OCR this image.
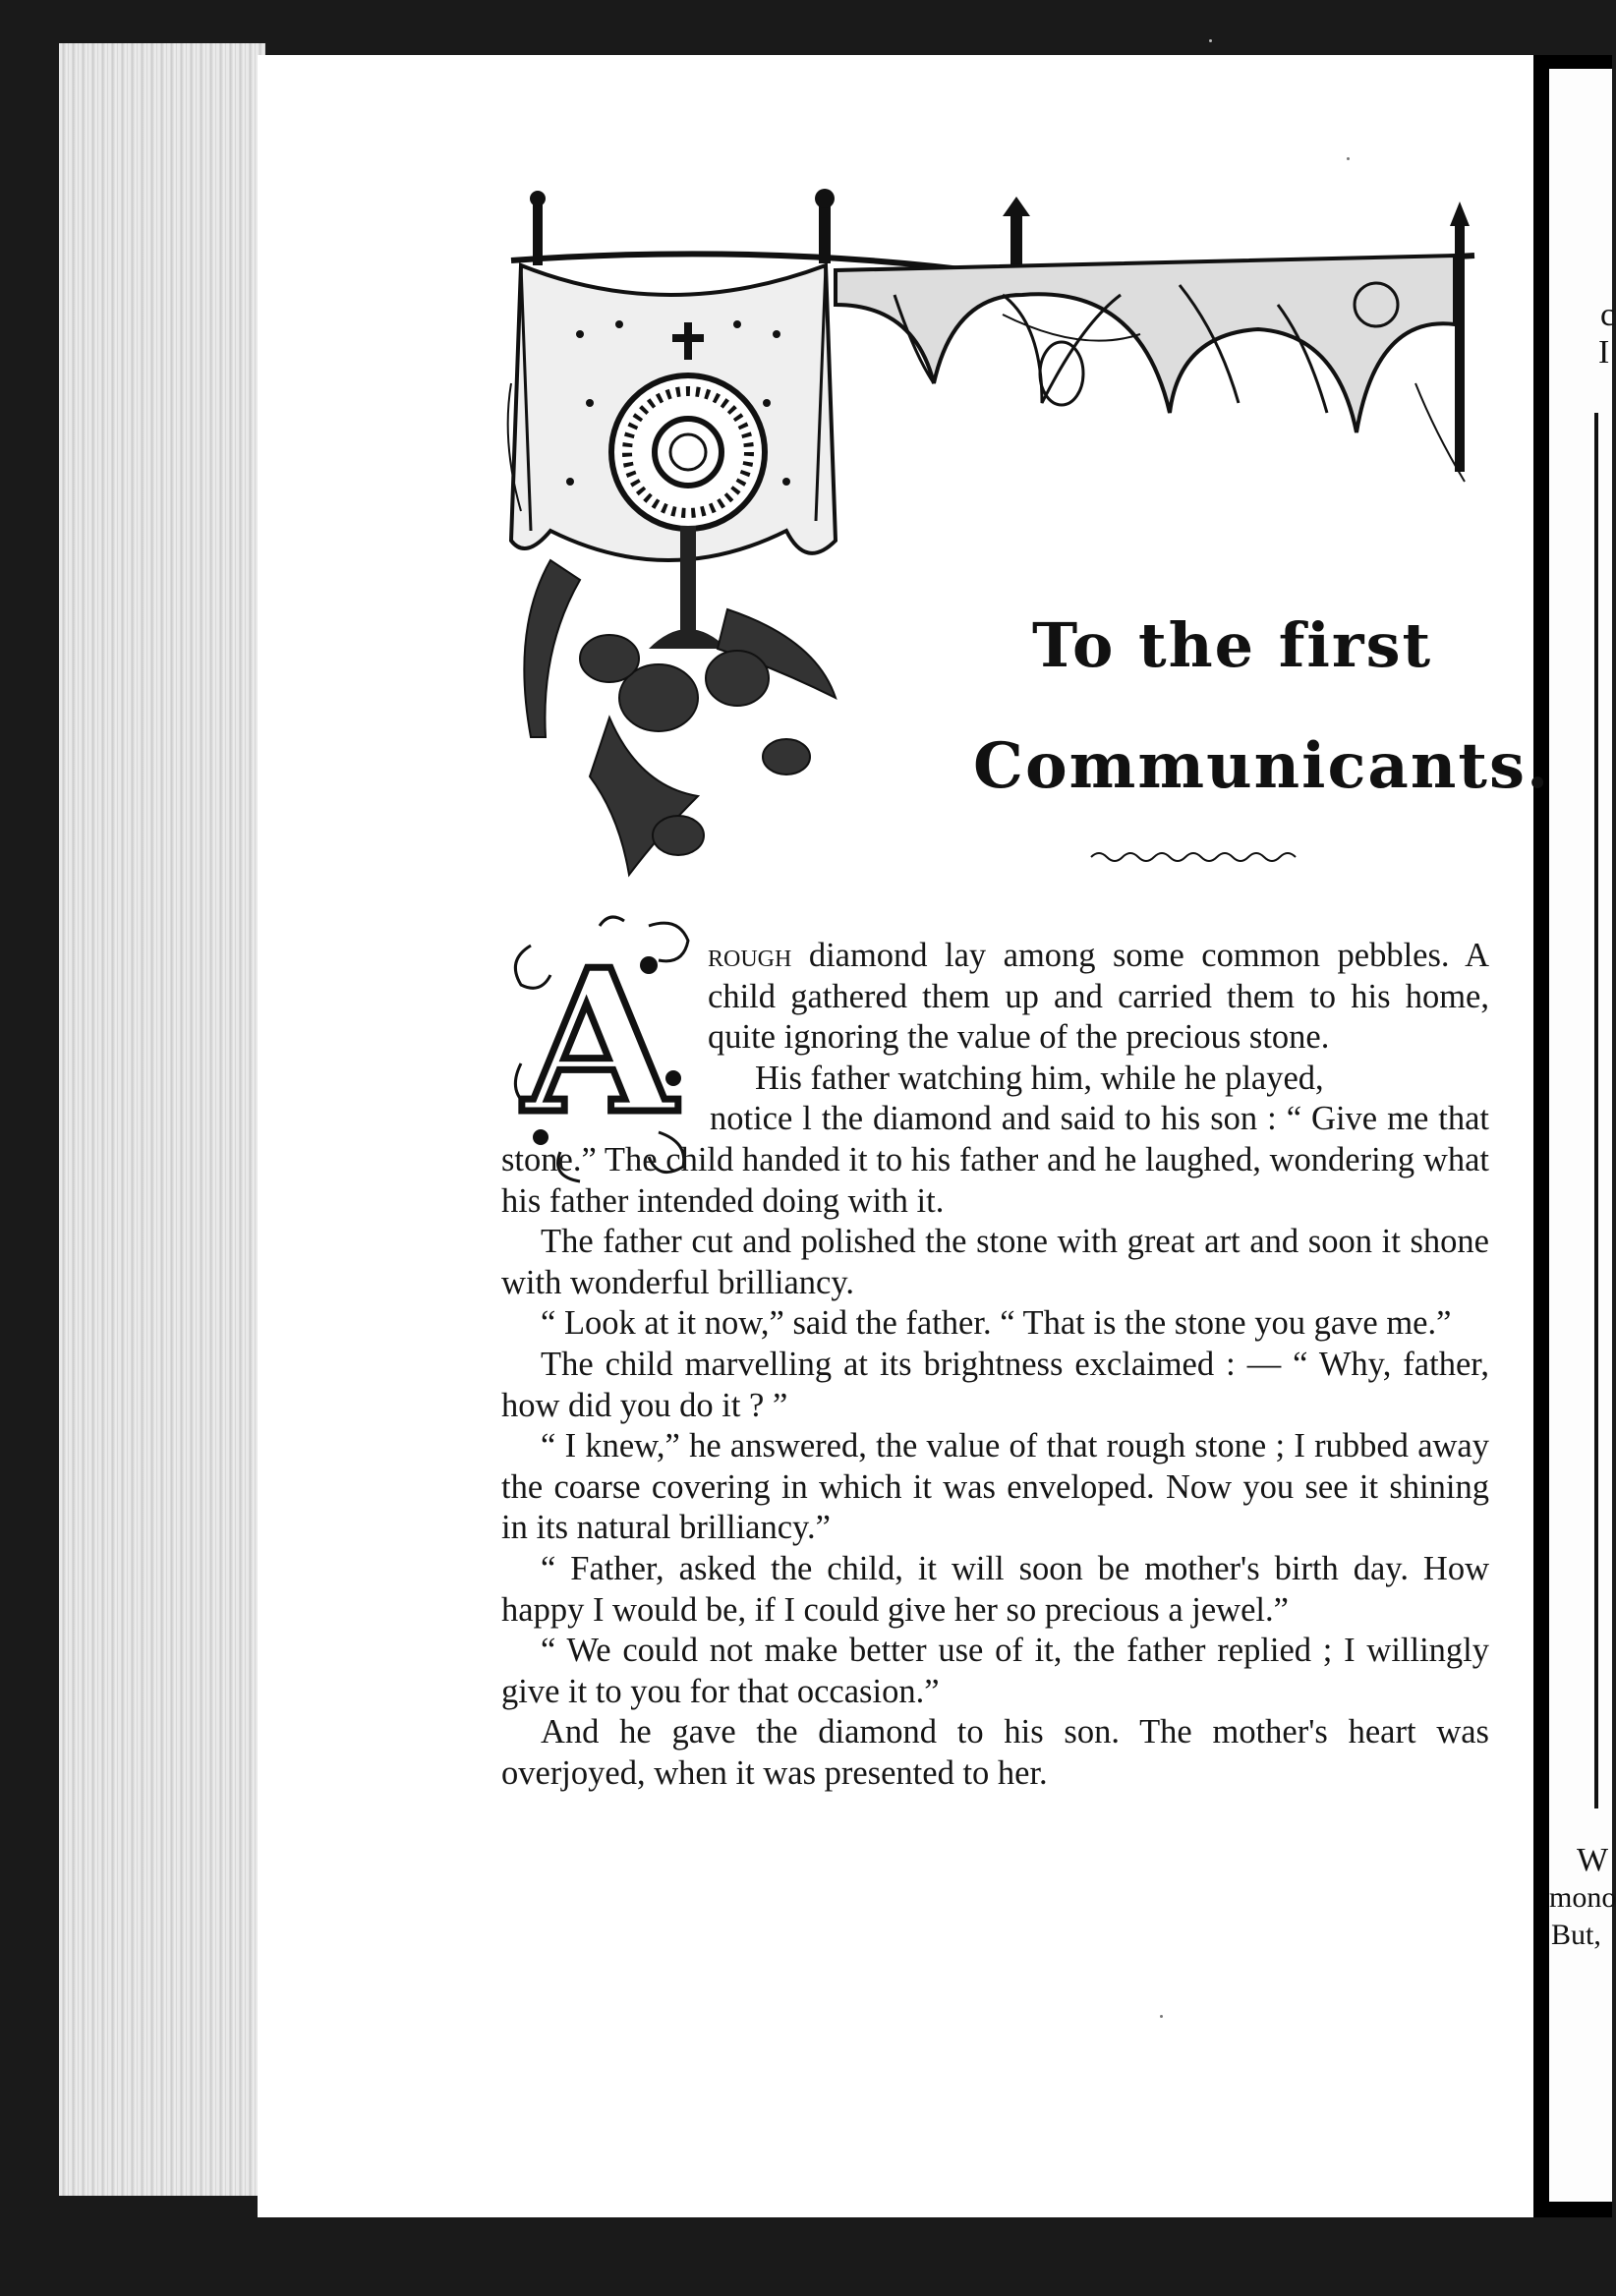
c
I
W
mono
But,
To the first
Communicants.
A rough diamond lay among some common pebbles. A child gathered them up and carried them to his home, quite ignoring the value of the precious stone.

His father watching him, while he played,

notice l the diamond and said to his son : “ Give me that stone.” The child handed it to his father and he laughed, wondering what his father intended doing with it.

The father cut and polished the stone with great art and soon it shone with wonderful brilliancy.

“ Look at it now,” said the father. “ That is the stone you gave me.”

The child marvelling at its brightness exclaimed : — “ Why, father, how did you do it ? ”

“ I knew,” he answered, the value of that rough stone ; I rubbed away the coarse covering in which it was enveloped. Now you see it shining in its natural brilliancy.”

“ Father, asked the child, it will soon be mother's birth day. How happy I would be, if I could give her so precious a jewel.”

“ We could not make better use of it, the father replied ; I willingly give it to you for that occasion.”

And he gave the diamond to his son. The mother's heart was overjoyed, when it was presented to her.
